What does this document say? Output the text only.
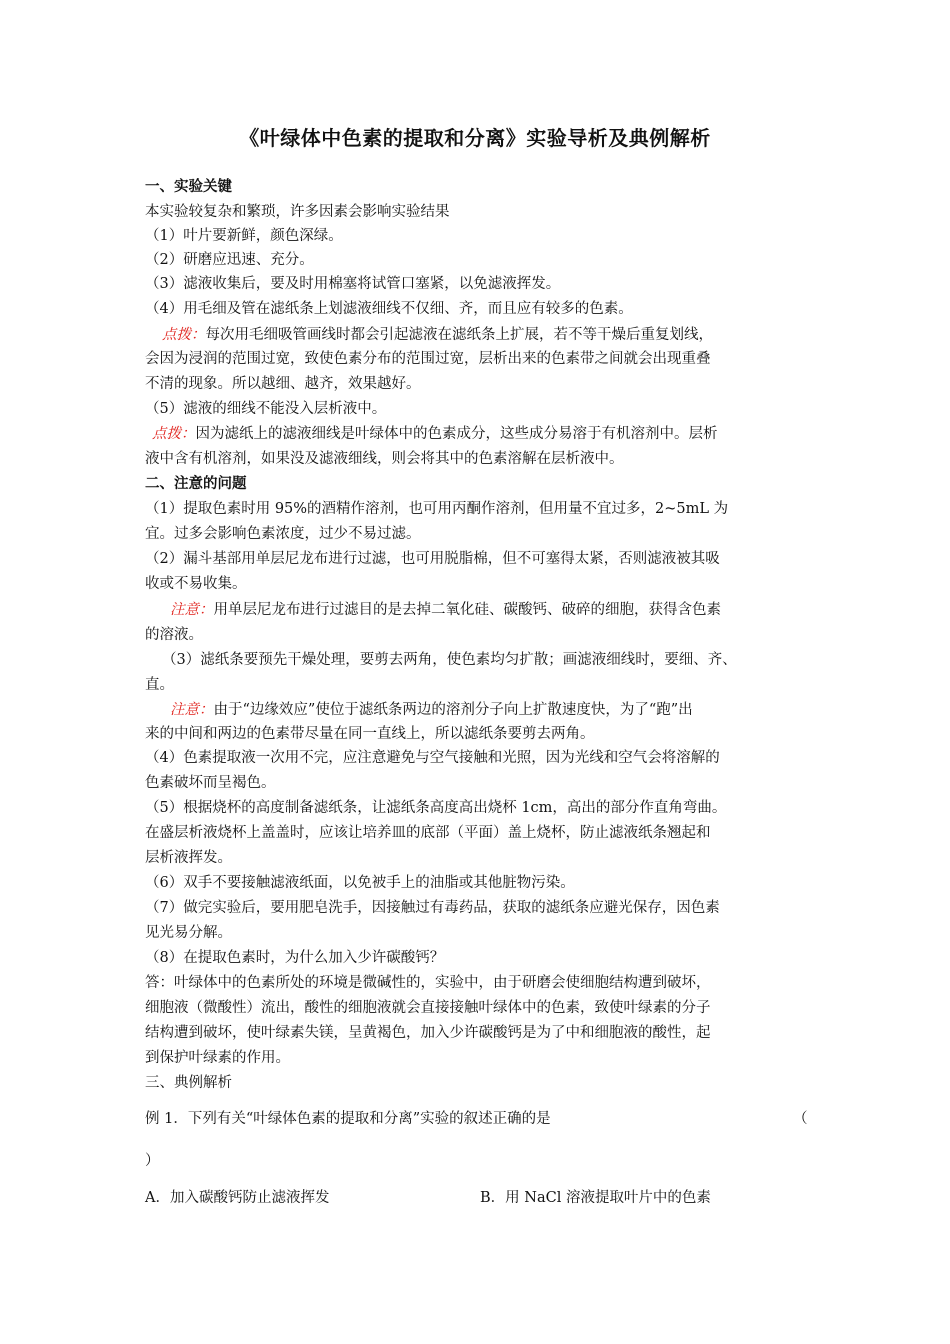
《叶绿体中色素的提取和分离》实验导析及典例解析
一、实验关键
本实验较复杂和繁琐，许多因素会影响实验结果
（1）叶片要新鲜，颜色深绿。
（2）研磨应迅速、充分。
（3）滤液收集后，要及时用棉塞将试管口塞紧，以免滤液挥发。
（4）用毛细及管在滤纸条上划滤液细线不仅细、齐，而且应有较多的色素。
点拨：每次用毛细吸管画线时都会引起滤液在滤纸条上扩展，若不等干燥后重复划线，
会因为浸润的范围过宽，致使色素分布的范围过宽，层析出来的色素带之间就会出现重叠
不清的现象。所以越细、越齐，效果越好。
（5）滤液的细线不能没入层析液中。
点拨：因为滤纸上的滤液细线是叶绿体中的色素成分，这些成分易溶于有机溶剂中。层析
液中含有机溶剂，如果没及滤液细线，则会将其中的色素溶解在层析液中。
二、注意的问题
（1）提取色素时用 95%的酒精作溶剂，也可用丙酮作溶剂，但用量不宜过多，2~5mL 为
宜。过多会影响色素浓度，过少不易过滤。
（2）漏斗基部用单层尼龙布进行过滤，也可用脱脂棉，但不可塞得太紧，否则滤液被其吸
收或不易收集。
注意：用单层尼龙布进行过滤目的是去掉二氧化硅、碳酸钙、破碎的细胞，获得含色素
的溶液。
（3）滤纸条要预先干燥处理，要剪去两角，使色素均匀扩散；画滤液细线时，要细、齐、
直。
注意：由于“边缘效应”使位于滤纸条两边的溶剂分子向上扩散速度快，为了“跑”出
来的中间和两边的色素带尽量在同一直线上，所以滤纸条要剪去两角。
（4）色素提取液一次用不完，应注意避免与空气接触和光照，因为光线和空气会将溶解的
色素破坏而呈褐色。
（5）根据烧杯的高度制备滤纸条，让滤纸条高度高出烧杯 1cm，高出的部分作直角弯曲。
在盛层析液烧杯上盖盖时，应该让培养皿的底部（平面）盖上烧杯，防止滤液纸条翘起和
层析液挥发。
（6）双手不要接触滤液纸面，以免被手上的油脂或其他脏物污染。
（7）做完实验后，要用肥皂洗手，因接触过有毒药品，获取的滤纸条应避光保存，因色素
见光易分解。
（8）在提取色素时，为什么加入少许碳酸钙？
答：叶绿体中的色素所处的环境是微碱性的，实验中，由于研磨会使细胞结构遭到破坏，
细胞液（微酸性）流出，酸性的细胞液就会直接接触叶绿体中的色素，致使叶绿素的分子
结构遭到破坏，使叶绿素失镁，呈黄褐色，加入少许碳酸钙是为了中和细胞液的酸性，起
到保护叶绿素的作用。
三、典例解析
例 1．下列有关“叶绿体色素的提取和分离”实验的叙述正确的是	（
）
A．加入碳酸钙防止滤液挥发	B．用 NaCl 溶液提取叶片中的色素
